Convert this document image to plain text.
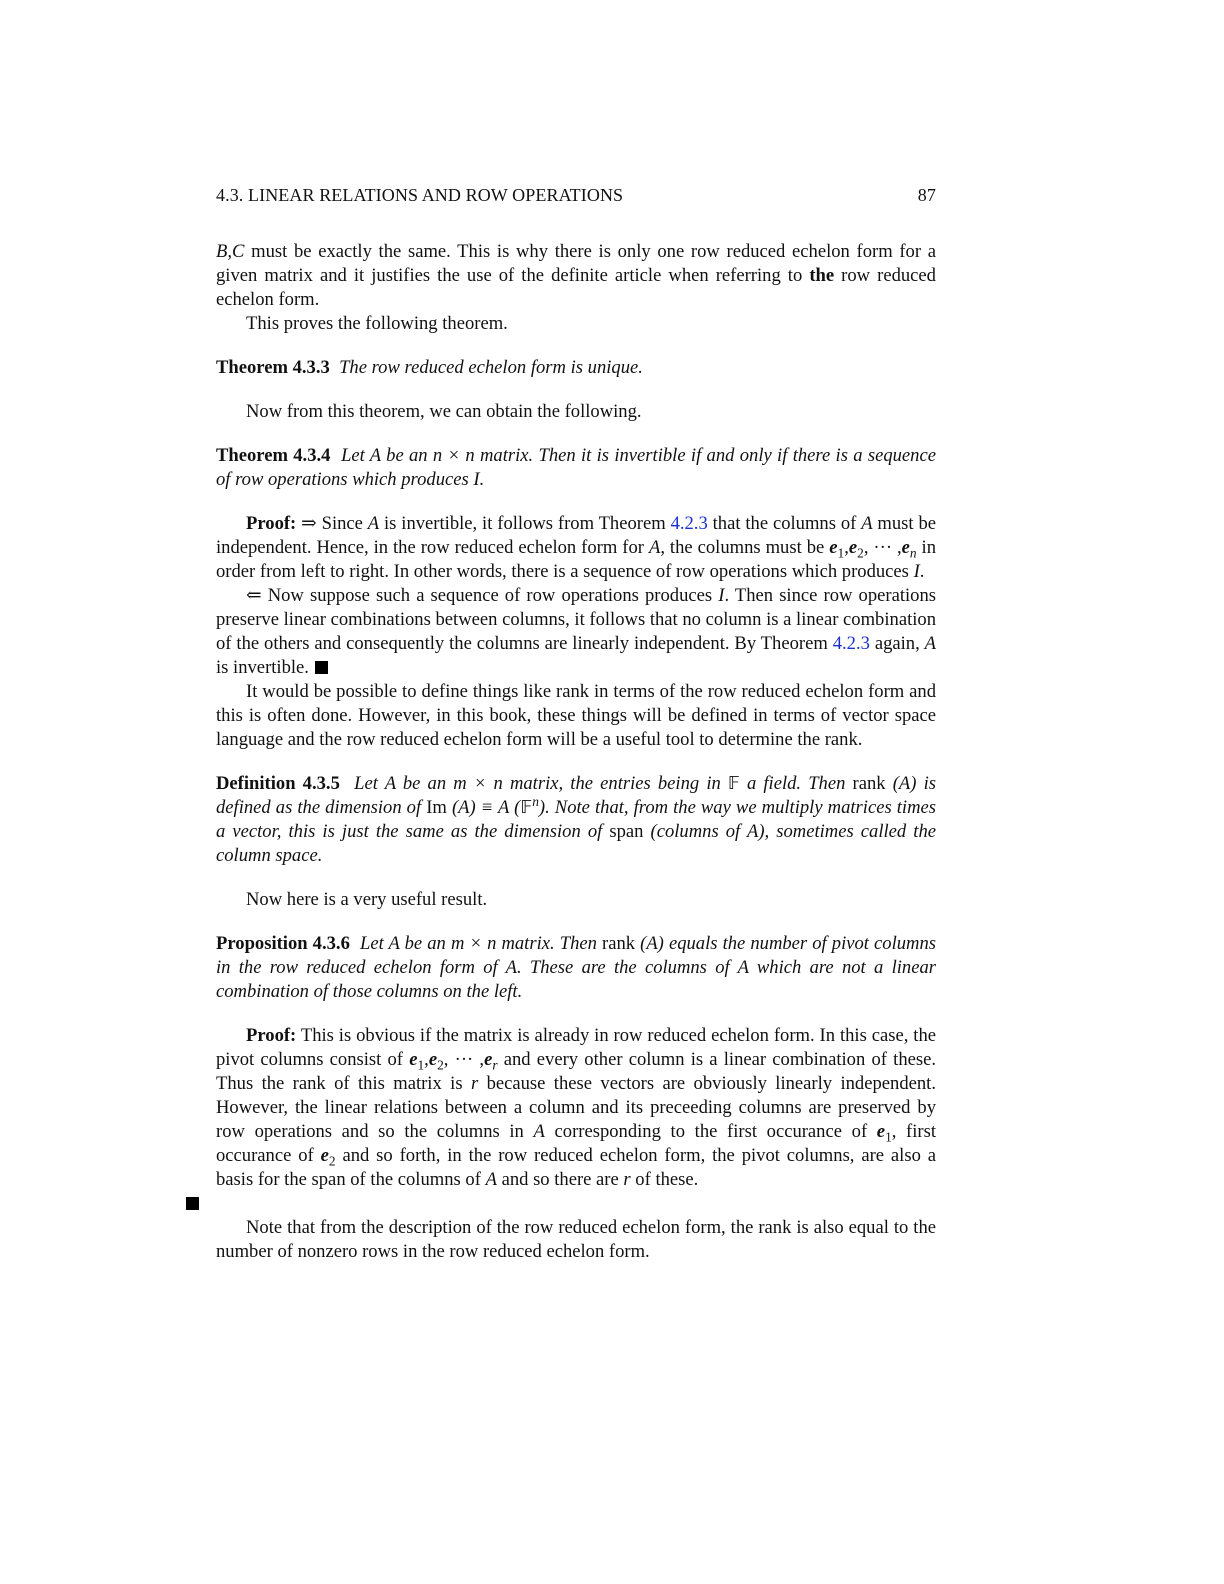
4.3. LINEAR RELATIONS AND ROW OPERATIONS	87

B,C must be exactly the same. This is why there is only one row reduced echelon form for a given matrix and it justifies the use of the definite article when referring to the row reduced echelon form.

This proves the following theorem.

Theorem 4.3.3 The row reduced echelon form is unique.

Now from this theorem, we can obtain the following.

Theorem 4.3.4 Let A be an n × n matrix. Then it is invertible if and only if there is a sequence of row operations which produces I.

Proof: ⇒ Since A is invertible, it follows from Theorem 4.2.3 that the columns of A must be independent. Hence, in the row reduced echelon form for A, the columns must be $e_1,e_2$, ··· $,e_n$ in order from left to right. In other words, there is a sequence of row operations which produces I.

⇐ Now suppose such a sequence of row operations produces I. Then since row operations preserve linear combinations between columns, it follows that no column is a linear combination of the others and consequently the columns are linearly independent. By Theorem 4.2.3 again, A is invertible.

It would be possible to define things like rank in terms of the row reduced echelon form and this is often done. However, in this book, these things will be defined in terms of vector space language and the row reduced echelon form will be a useful tool to determine the rank.

Definition 4.3.5 Let A be an m × n matrix, the entries being in 𝔽 a field. Then rank (A) is defined as the dimension of Im (A) ≡ A (𝔽$^n$). Note that, from the way we multiply matrices times a vector, this is just the same as the dimension of span (columns of A), sometimes called the column space.

Now here is a very useful result.

Proposition 4.3.6 Let A be an m × n matrix. Then rank (A) equals the number of pivot columns in the row reduced echelon form of A. These are the columns of A which are not a linear combination of those columns on the left.

Proof: This is obvious if the matrix is already in row reduced echelon form. In this case, the pivot columns consist of $e_1,e_2$, ··· $,e_r$ and every other column is a linear combination of these. Thus the rank of this matrix is r because these vectors are obviously linearly independent. However, the linear relations between a column and its preceeding columns are preserved by row operations and so the columns in A corresponding to the first occurance of $e_1$, first occurance of $e_2$ and so forth, in the row reduced echelon form, the pivot columns, are also a basis for the span of the columns of A and so there are r of these.

Note that from the description of the row reduced echelon form, the rank is also equal to the number of nonzero rows in the row reduced echelon form.
